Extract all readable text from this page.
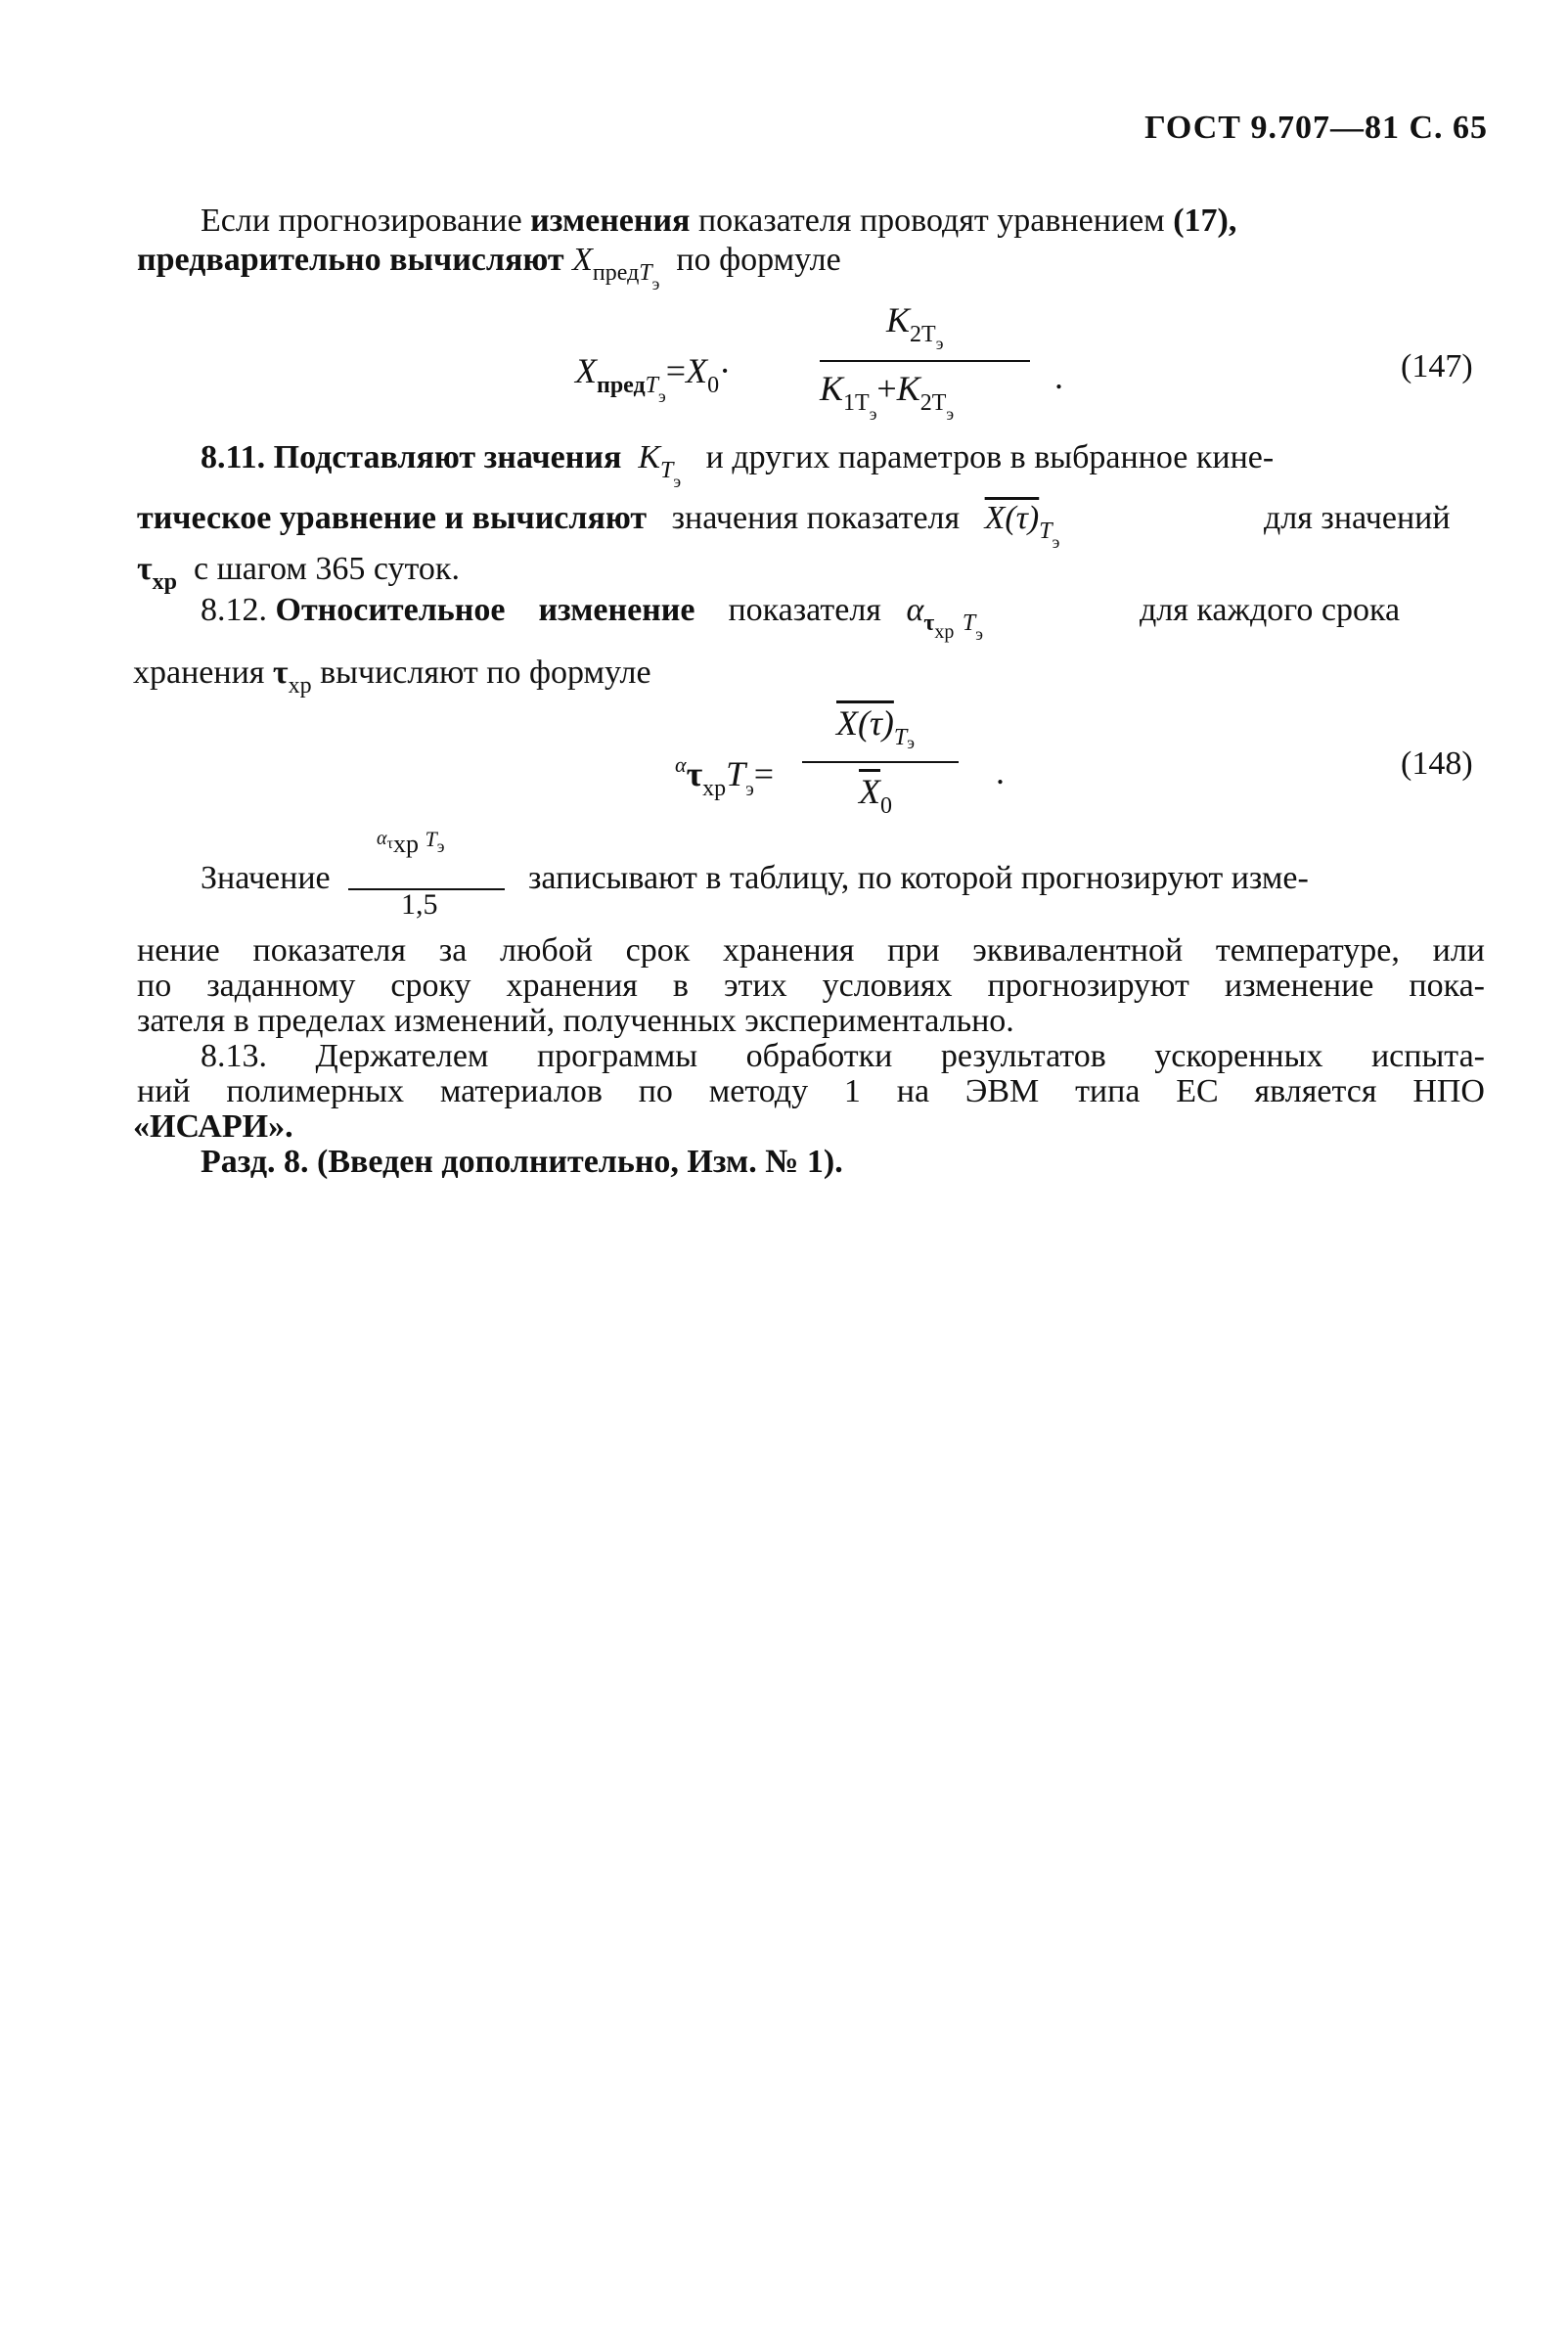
ГОСТ 9.707—81 С. 65
Если прогнозирование изменения показателя проводят уравнением (17),
предварительно вычисляют $X_{предTэ}$  по формуле
$X_{предTэ}=X_0\cdot$
$K_{2Tэ}$
$K_{1Tэ}+K_{2Tэ}$
.	(147)
8.11. Подставляют значения $K_{Tэ}$   и других параметров в выбранное кине-
тическое уравнение и вычисляют значения показателя $X(\tau)_{Tэ}$
для значений
$\tau_{хр}$ с шагом 365 суток.
8.12. Относительное изменение показателя $\alpha_{\tau хр}$ $_{Tэ}$
для каждого срока
хранения $\tau_{хр}$ вычисляют по формуле
$^\alpha\tau_{хр}T_э=$
$X(\tau)_{Tэ}$
$\overline{X}_0$
.	(148)
Значение
$^\alpha$τхр $^T$э
1,5
записывают в таблицу, по которой прогнозируют изме-
нение показателя за любой срок хранения при эквивалентной температуре, или
по заданному сроку хранения в этих условиях прогнозируют изменение пока-
зателя в пределах изменений, полученных экспериментально.
8.13. Держателем программы обработки результатов ускоренных испыта-
ний полимерных материалов по методу 1 на ЭВМ типа ЕС является НПО
«ИСАРИ».
Разд. 8. (Введен дополнительно, Изм. № 1).
